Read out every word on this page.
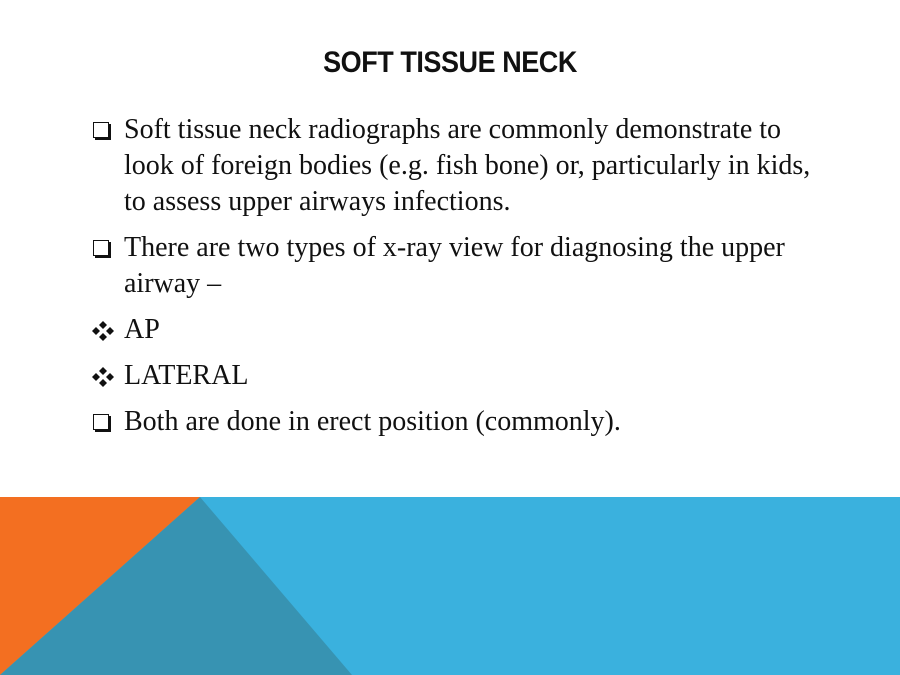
SOFT TISSUE NECK
Soft tissue neck radiographs are commonly demonstrate to look of foreign bodies (e.g. fish bone) or, particularly in kids, to assess upper airways infections.
There are two types of x-ray view for diagnosing the upper airway –
AP
LATERAL
Both are done in erect position (commonly).
